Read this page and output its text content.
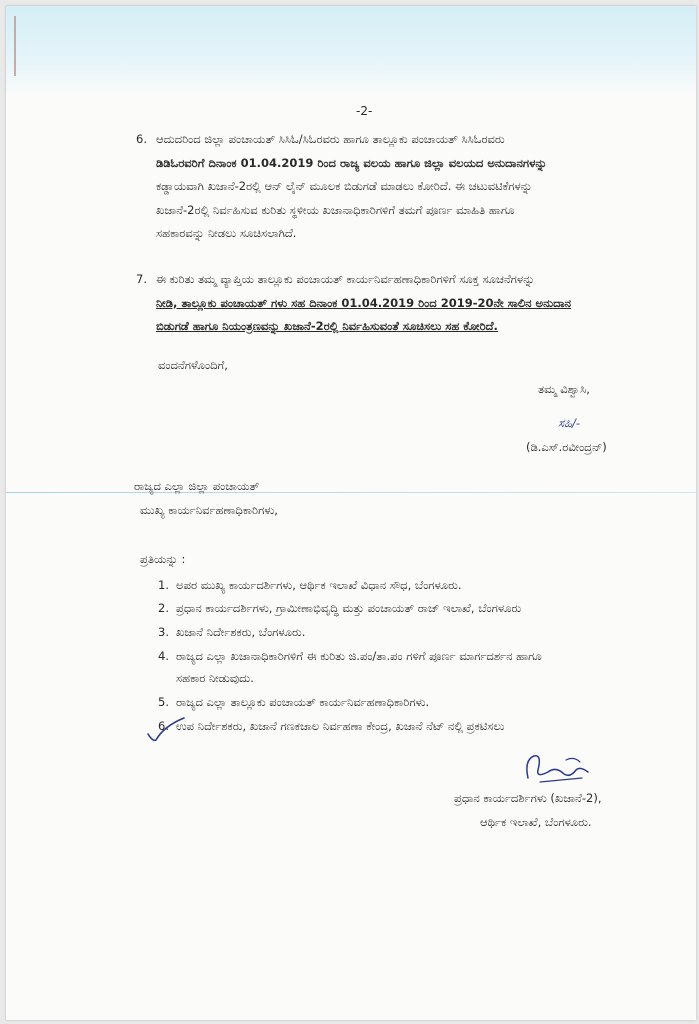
-2-
6. ಆದುದರಿಂದ ಜಿಲ್ಲಾ ಪಂಚಾಯತ್ ಸಿಸಿಓ/ಸಿಓರವರು ಹಾಗೂ ತಾಲ್ಲೂಕು ಪಂಚಾಯತ್ ಸಿಸಿಓರವರು
ಡಿಡಿಓರವರಿಗೆ ದಿನಾಂಕ 01.04.2019 ರಿಂದ ರಾಜ್ಯ ವಲಯ ಹಾಗೂ ಜಿಲ್ಲಾ ವಲಯದ ಅನುದಾನಗಳನ್ನು
ಕಡ್ಡಾಯವಾಗಿ ಖಜಾನೆ-2ರಲ್ಲಿ ಆನ್ ಲೈನ್ ಮೂಲಕ ಬಿಡುಗಡೆ ಮಾಡಲು ಕೋರಿದೆ. ಈ ಚಟುವಟಿಕೆಗಳನ್ನು
ಖಜಾನೆ-2ರಲ್ಲಿ ನಿರ್ವಹಿಸುವ ಕುರಿತು ಸ್ಥಳೀಯ ಖಜಾನಾಧಿಕಾರಿಗಳಿಗೆ ತಮಗೆ ಪೂರ್ಣ ಮಾಹಿತಿ ಹಾಗೂ
ಸಹಕಾರವನ್ನು ನೀಡಲು ಸೂಚಿಸಲಾಗಿದೆ.
7. ಈ ಕುರಿತು ತಮ್ಮ ವ್ಯಾಪ್ತಿಯ ತಾಲ್ಲೂಕು ಪಂಚಾಯತ್ ಕಾರ್ಯನಿರ್ವಹಣಾಧಿಕಾರಿಗಳಿಗೆ ಸೂಕ್ತ ಸೂಚನೆಗಳನ್ನು
ನೀಡಿ, ತಾಲ್ಲೂಕು ಪಂಚಾಯತ್ ಗಳು ಸಹ ದಿನಾಂಕ 01.04.2019 ರಿಂದ 2019-20ನೇ ಸಾಲಿನ ಅನುದಾನ
ಬಿಡುಗಡೆ ಹಾಗೂ ನಿಯಂತ್ರಣವನ್ನು ಖಜಾನೆ-2ರಲ್ಲಿ ನಿರ್ವಹಿಸುವಂತೆ ಸೂಚಿಸಲು ಸಹ ಕೋರಿದೆ.
ವಂದನೆಗಳೊಂದಿಗೆ,
ತಮ್ಮ ವಿಶ್ವಾಸಿ,
ಸಹಿ/-
(ಡಿ.ಎಸ್.ರವೀಂದ್ರನ್)
ರಾಜ್ಯದ ಎಲ್ಲಾ ಜಿಲ್ಲಾ ಪಂಚಾಯತ್
ಮುಖ್ಯ ಕಾರ್ಯನಿರ್ವಹಣಾಧಿಕಾರಿಗಳು,
ಪ್ರತಿಯನ್ನು :
1. ಅಪರ ಮುಖ್ಯ ಕಾರ್ಯದರ್ಶಿಗಳು, ಆರ್ಥಿಕ ಇಲಾಖೆ ವಿಧಾನ ಸೌಧ, ಬೆಂಗಳೂರು.
2. ಪ್ರಧಾನ ಕಾರ್ಯದರ್ಶಿಗಳು, ಗ್ರಾಮೀಣಾಭಿವೃದ್ಧಿ ಮತ್ತು ಪಂಚಾಯತ್ ರಾಜ್ ಇಲಾಖೆ, ಬೆಂಗಳೂರು
3. ಖಜಾನೆ ನಿರ್ದೇಶಕರು, ಬೆಂಗಳೂರು.
4. ರಾಜ್ಯದ ಎಲ್ಲಾ ಖಜಾನಾಧಿಕಾರಿಗಳಿಗೆ ಈ ಕುರಿತು ಜಿ.ಪಂ/ತಾ.ಪಂ ಗಳಿಗೆ ಪೂರ್ಣ ಮಾರ್ಗದರ್ಶನ ಹಾಗೂ
ಸಹಕಾರ ನೀಡುವುದು.
5. ರಾಜ್ಯದ ಎಲ್ಲಾ ತಾಲ್ಲೂಕು ಪಂಚಾಯತ್ ಕಾರ್ಯನಿರ್ವಹಣಾಧಿಕಾರಿಗಳು.
6. ಉಪ ನಿರ್ದೇಶಕರು, ಖಜಾನೆ ಗಣಕಜಾಲ ನಿರ್ವಹಣಾ ಕೇಂದ್ರ, ಖಜಾನೆ ನೆಟ್ ನಲ್ಲಿ ಪ್ರಕಟಿಸಲು
ಪ್ರಧಾನ ಕಾರ್ಯದರ್ಶಿಗಳು (ಖಜಾನೆ-2),
ಆರ್ಥಿಕ ಇಲಾಖೆ, ಬೆಂಗಳೂರು.
